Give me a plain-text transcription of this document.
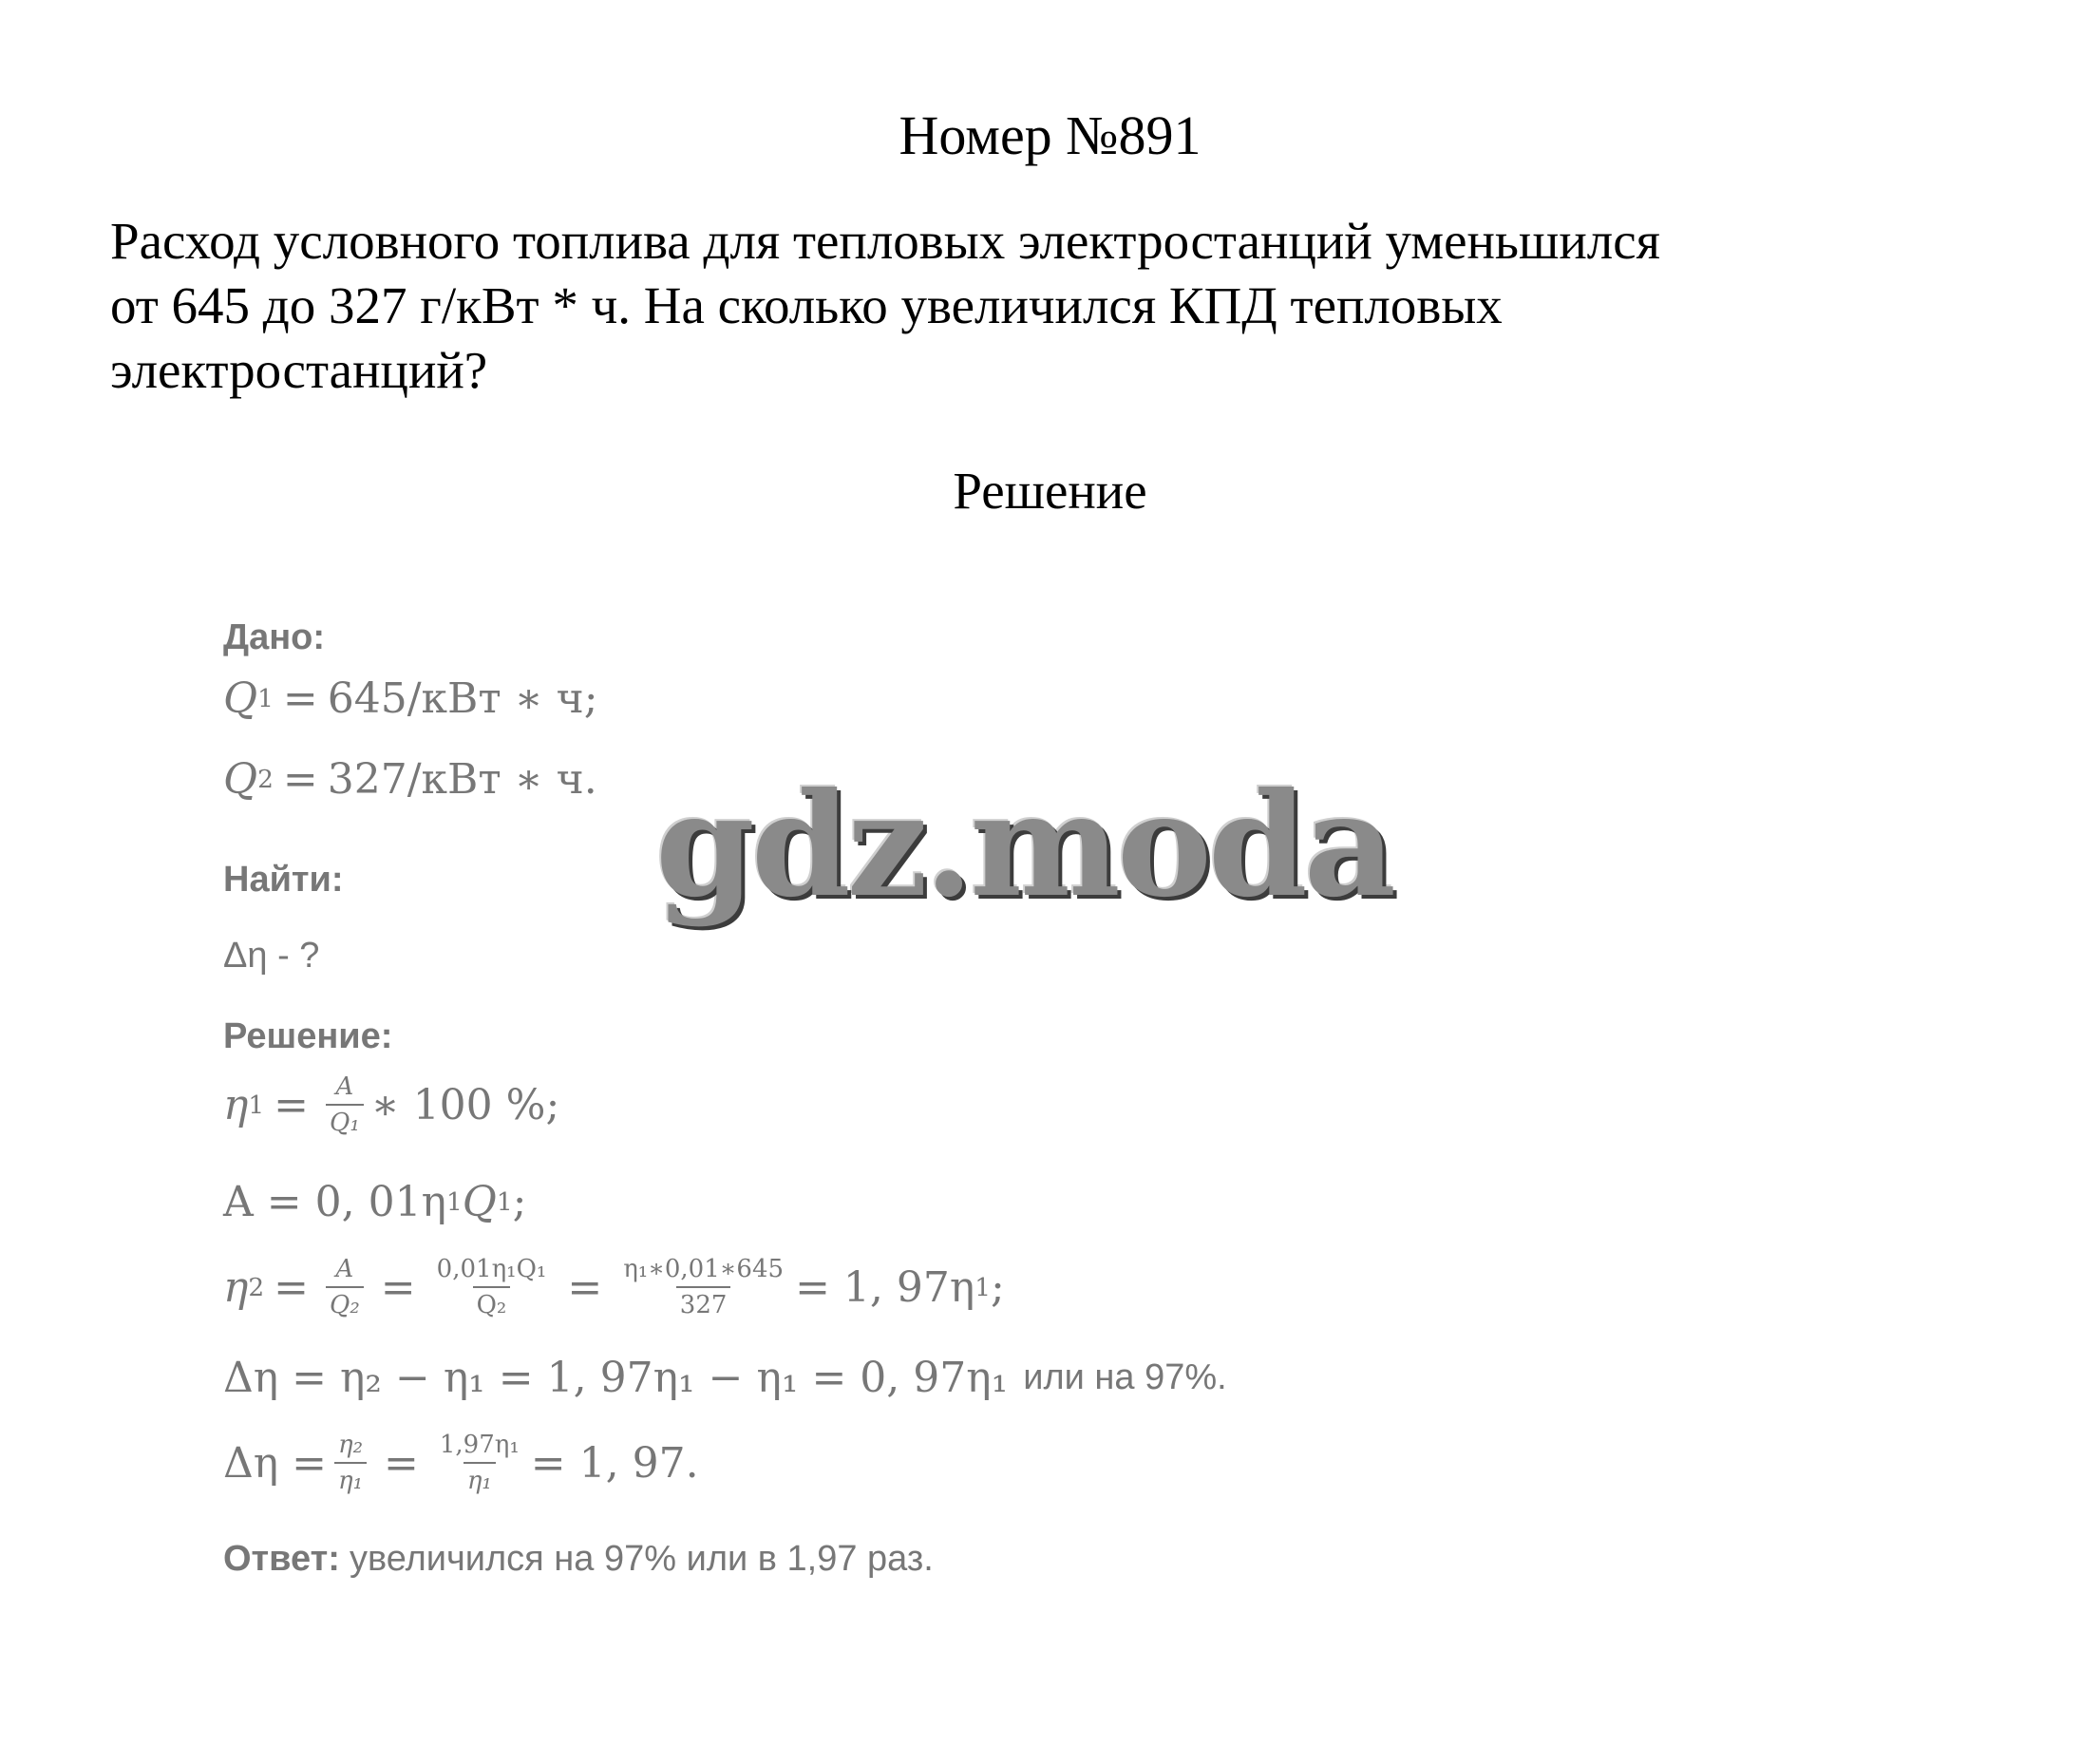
Номер №891
Расход условного топлива для тепловых электростанций уменьшился
от 645 до 327 г/кВт * ч. На сколько увеличился КПД тепловых
электростанций?
Решение
Дано:
Q 1 = 645/кВт ∗ ч;
Q 2 = 327/кВт ∗ ч.
Найти:
Δη - ?
Решение:
η $1 = \frac{A}{\text{Q₁}}$ ∗ 100 %;
A = 0, 01η 1 Q 1 ;
η $2 = \frac{A}{\text{Q₂}} = \frac{\text{0,01η₁Q₁}}{\text{Q₂}} = \frac{\text{η₁∗0,01∗645}}{327} = 1$, 97η 1 ;
Δη = η₂ − η₁ = 1, 97η₁ − η₁ = 0, 97η₁ или на 97%.
$\Delta\eta = \frac{\text{η₂}}{\text{η₁}} = \frac{\text{1,97η₁}}{\text{η₁}} = 1$, 97.
Ответ: увеличился на 97% или в 1,97 раз.
gdz.moda
